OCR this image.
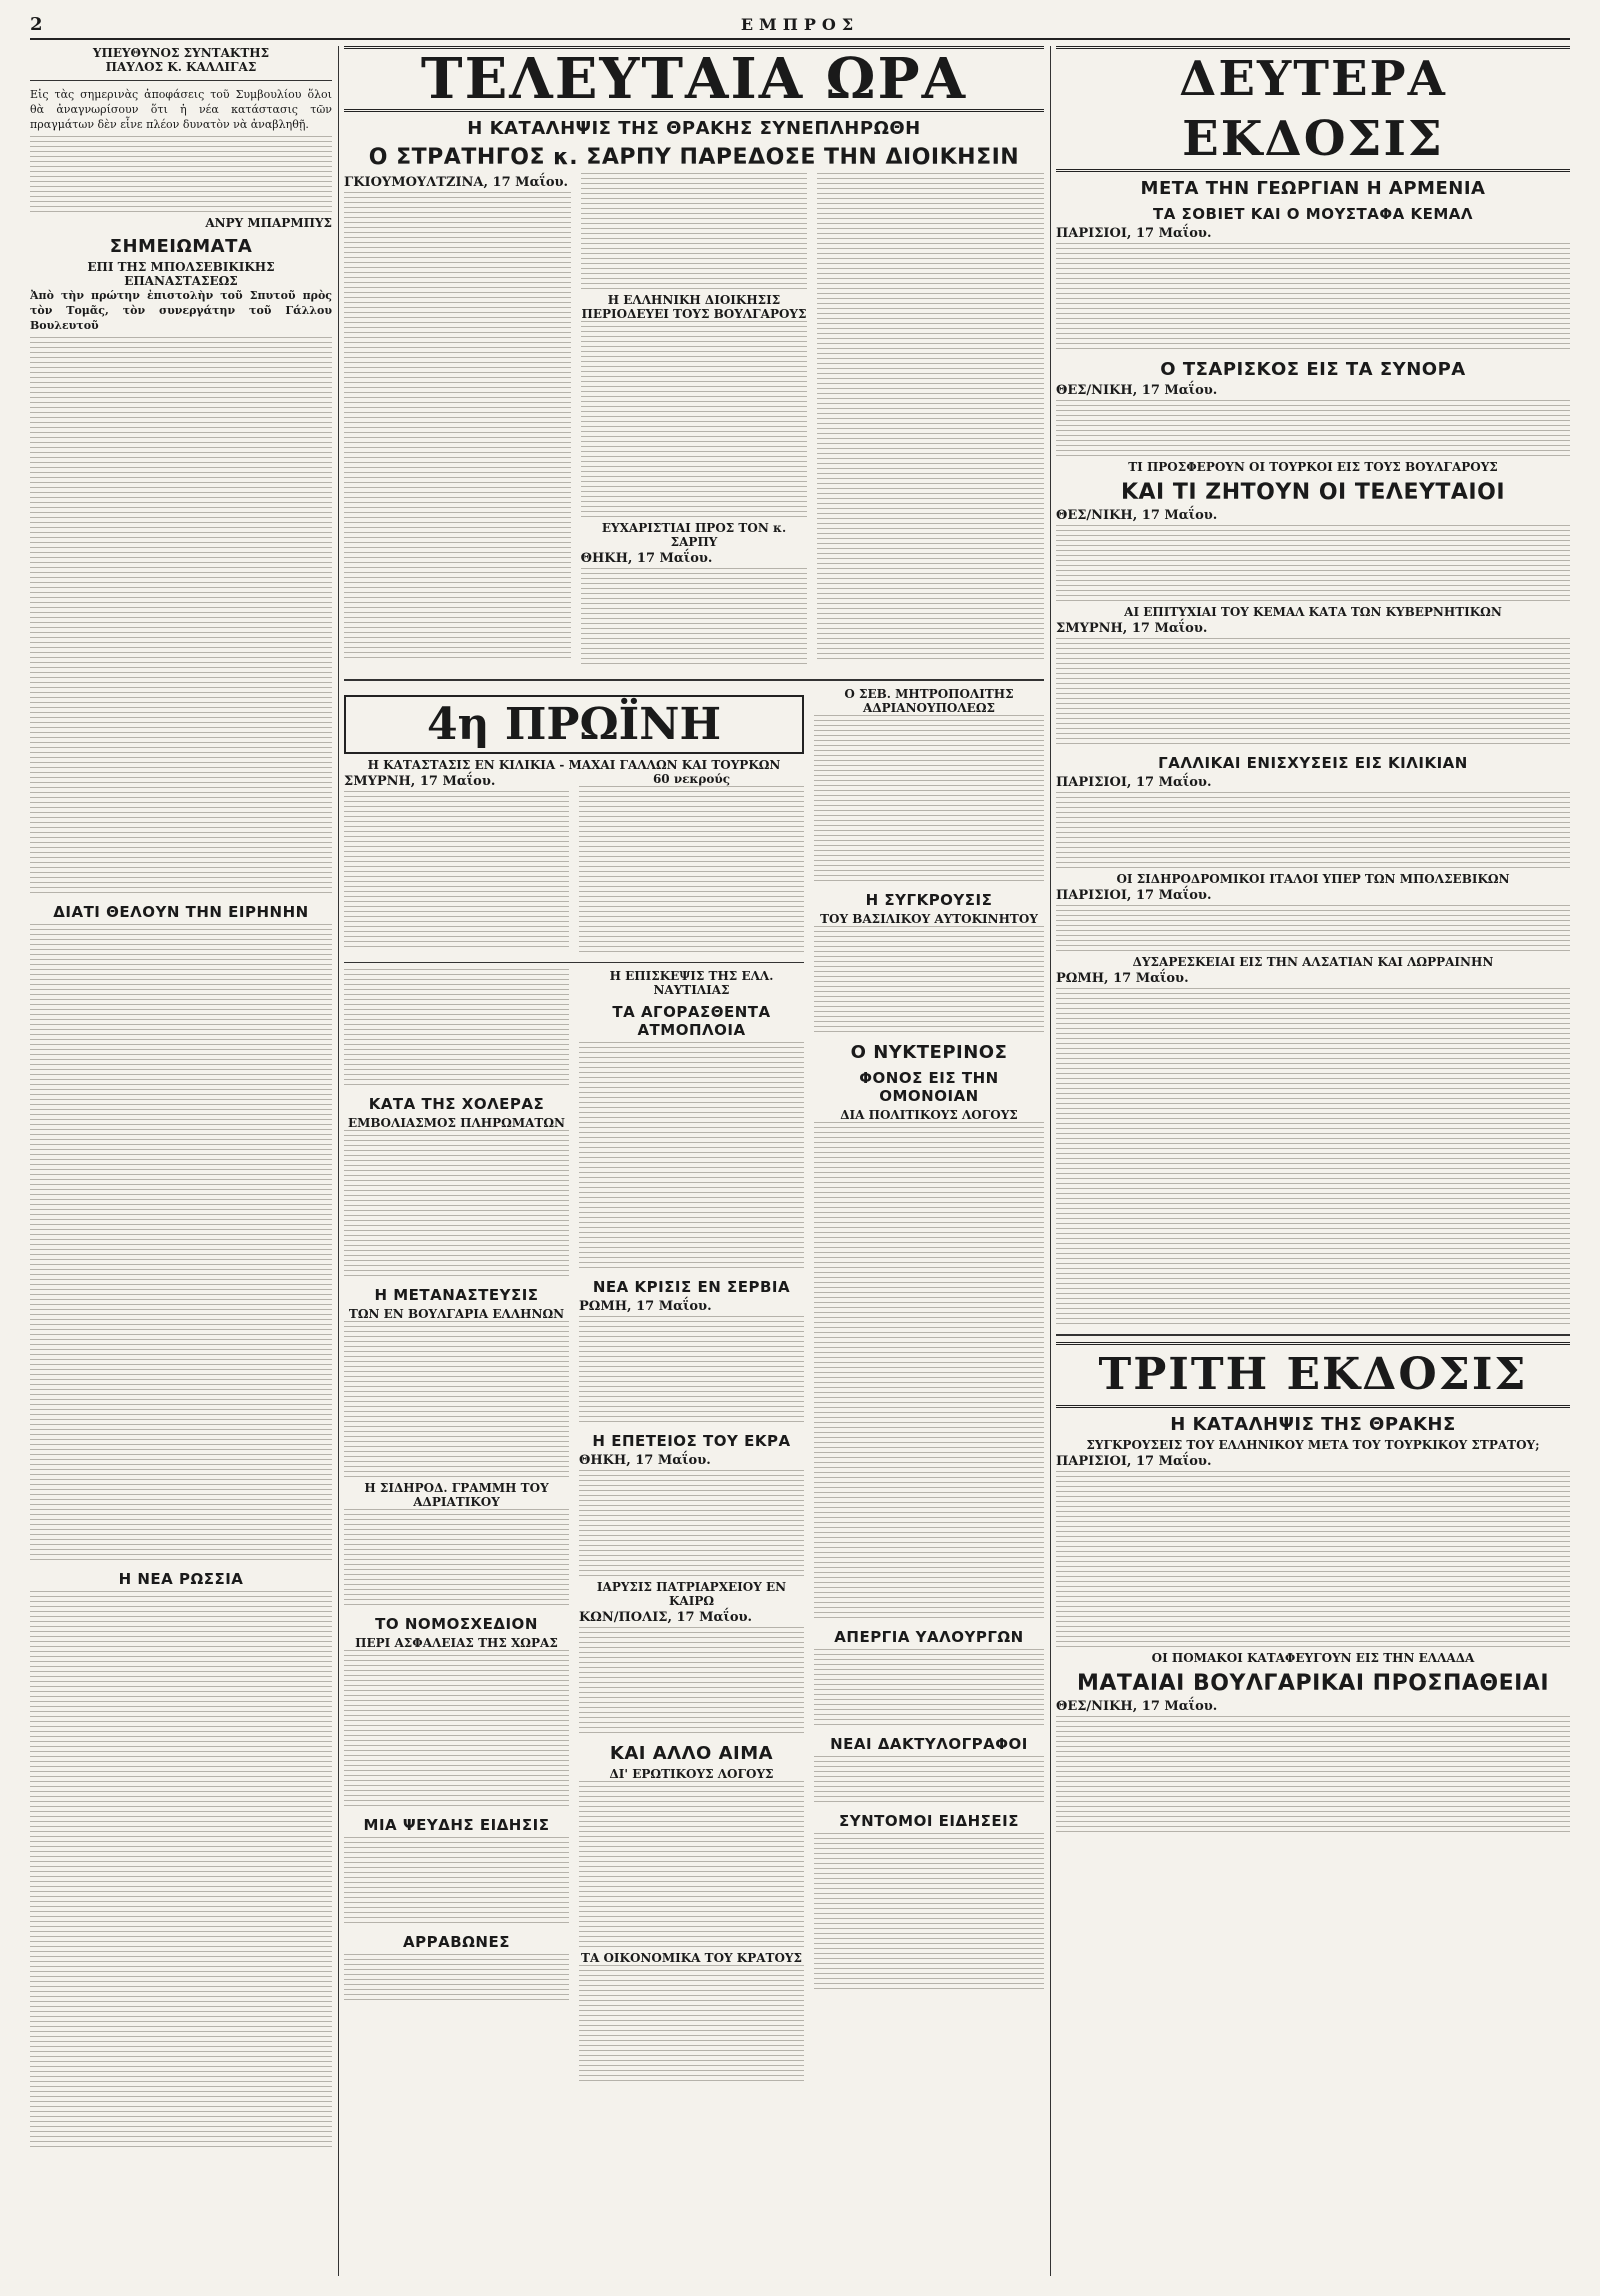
2	ΕΜΠΡΟΣ
ΥΠΕΥΘΥΝΟΣ ΣΥΝΤΑΚΤΗΣ
ΠΑΥΛΟΣ Κ. ΚΑΛΛΙΓΑΣ
Εἰς τὰς σημερινὰς ἀποφάσεις τοῦ Συμβουλίου ὅλοι θὰ ἀναγνωρίσουν ὅτι ἡ νέα κατάστασις τῶν πραγμάτων δὲν εἶνε πλέον δυνατὸν νὰ ἀναβληθῇ.
ΑΝΡΥ ΜΠΑΡΜΠΥΣ
ΣΗΜΕΙΩΜΑΤΑ
ΕΠΙ ΤΗΣ ΜΠΟΛΣΕΒΙΚΙΚΗΣ ΕΠΑΝΑΣΤΑΣΕΩΣ
Ἀπὸ τὴν πρώτην ἐπιστολὴν τοῦ Σπυτοῦ πρὸς τὸν Τομᾶς, τὸν συνεργάτην τοῦ Γάλλου Βουλευτοῦ
ΔΙΑΤΙ ΘΕΛΟΥΝ ΤΗΝ ΕΙΡΗΝΗΝ
Η ΝΕΑ ΡΩΣΣΙΑ
ΤΕΛΕΥΤΑΙΑ ΩΡΑ
Η ΚΑΤΑΛΗΨΙΣ ΤΗΣ ΘΡΑΚΗΣ ΣΥΝΕΠΛΗΡΩΘΗ
Ο ΣΤΡΑΤΗΓΟΣ κ. ΣΑΡΠΥ ΠΑΡΕΔΟΣΕ ΤΗΝ ΔΙΟΙΚΗΣΙΝ
ΓΚΙΟΥΜΟΥΛΤΖΙΝΑ, 17 Μαΐου.
Η ΕΛΛΗΝΙΚΗ ΔΙΟΙΚΗΣΙΣ ΠΕΡΙΟΔΕΥΕΙ ΤΟΥΣ ΒΟΥΛΓΑΡΟΥΣ
ΕΥΧΑΡΙΣΤΙΑΙ ΠΡΟΣ ΤΟΝ κ. ΣΑΡΠΥ
ΘΗΚΗ, 17 Μαΐου.
4η ΠΡΩΪΝΗ
Η ΚΑΤΑΣΤΑΣΙΣ ΕΝ ΚΙΛΙΚΙΑ - ΜΑΧΑΙ ΓΑΛΛΩΝ ΚΑΙ ΤΟΥΡΚΩΝ
ΣΜΥΡΝΗ, 17 Μαΐου.	60 νεκρούς
ΚΑΤΑ ΤΗΣ ΧΟΛΕΡΑΣ
ΕΜΒΟΛΙΑΣΜΟΣ ΠΛΗΡΩΜΑΤΩΝ
Η ΜΕΤΑΝΑΣΤΕΥΣΙΣ
ΤΩΝ ΕΝ ΒΟΥΛΓΑΡΙΑ ΕΛΛΗΝΩΝ
Η ΣΙΔΗΡΟΔ. ΓΡΑΜΜΗ ΤΟΥ ΑΔΡΙΑΤΙΚΟΥ
ΤΟ ΝΟΜΟΣΧΕΔΙΟΝ
ΠΕΡΙ ΑΣΦΑΛΕΙΑΣ ΤΗΣ ΧΩΡΑΣ
ΜΙΑ ΨΕΥΔΗΣ ΕΙΔΗΣΙΣ
ΑΡΡΑΒΩΝΕΣ
Η ΕΠΙΣΚΕΨΙΣ ΤΗΣ ΕΛΛ. ΝΑΥΤΙΛΙΑΣ
ΤΑ ΑΓΟΡΑΣΘΕΝΤΑ ΑΤΜΟΠΛΟΙΑ
ΝΕΑ ΚΡΙΣΙΣ ΕΝ ΣΕΡΒΙΑ
ΡΩΜΗ, 17 Μαΐου.
Η ΕΠΕΤΕΙΟΣ ΤΟΥ ΕΚΡΑ
ΘΗΚΗ, 17 Μαΐου.
ΙΑΡΥΣΙΣ ΠΑΤΡΙΑΡΧΕΙΟΥ ΕΝ ΚΑΙΡΩ
ΚΩΝ/ΠΟΛΙΣ, 17 Μαΐου.
ΚΑΙ ΑΛΛΟ ΑΙΜΑ
ΔΙ' ΕΡΩΤΙΚΟΥΣ ΛΟΓΟΥΣ
ΤΑ ΟΙΚΟΝΟΜΙΚΑ ΤΟΥ ΚΡΑΤΟΥΣ
Ο ΣΕΒ. ΜΗΤΡΟΠΟΛΙΤΗΣ ΑΔΡΙΑΝΟΥΠΟΛΕΩΣ
Η ΣΥΓΚΡΟΥΣΙΣ
ΤΟΥ ΒΑΣΙΛΙΚΟΥ ΑΥΤΟΚΙΝΗΤΟΥ
Ο ΝΥΚΤΕΡΙΝΟΣ
ΦΟΝΟΣ ΕΙΣ ΤΗΝ ΟΜΟΝΟΙΑΝ
ΔΙΑ ΠΟΛΙΤΙΚΟΥΣ ΛΟΓΟΥΣ
ΑΠΕΡΓΙΑ ΥΑΛΟΥΡΓΩΝ
ΝΕΑΙ ΔΑΚΤΥΛΟΓΡΑΦΟΙ
ΣΥΝΤΟΜΟΙ ΕΙΔΗΣΕΙΣ
ΔΕΥΤΕΡΑ ΕΚΔΟΣΙΣ
ΜΕΤΑ ΤΗΝ ΓΕΩΡΓΙΑΝ Η ΑΡΜΕΝΙΑ
ΤΑ ΣΟΒΙΕΤ ΚΑΙ Ο ΜΟΥΣΤΑΦΑ ΚΕΜΑΛ
ΠΑΡΙΣΙΟΙ, 17 Μαΐου.
Ο ΤΣΑΡΙΣΚΟΣ ΕΙΣ ΤΑ ΣΥΝΟΡΑ
ΘΕΣ/ΝΙΚΗ, 17 Μαΐου.
ΤΙ ΠΡΟΣΦΕΡΟΥΝ ΟΙ ΤΟΥΡΚΟΙ ΕΙΣ ΤΟΥΣ ΒΟΥΛΓΑΡΟΥΣ
ΚΑΙ ΤΙ ΖΗΤΟΥΝ ΟΙ ΤΕΛΕΥΤΑΙΟΙ
ΘΕΣ/ΝΙΚΗ, 17 Μαΐου.
ΑΙ ΕΠΙΤΥΧΙΑΙ ΤΟΥ ΚΕΜΑΛ ΚΑΤΑ ΤΩΝ ΚΥΒΕΡΝΗΤΙΚΩΝ
ΣΜΥΡΝΗ, 17 Μαΐου.
ΓΑΛΛΙΚΑΙ ΕΝΙΣΧΥΣΕΙΣ ΕΙΣ ΚΙΛΙΚΙΑΝ
ΠΑΡΙΣΙΟΙ, 17 Μαΐου.
ΟΙ ΣΙΔΗΡΟΔΡΟΜΙΚΟΙ ΙΤΑΛΟΙ ΥΠΕΡ ΤΩΝ ΜΠΟΛΣΕΒΙΚΩΝ
ΠΑΡΙΣΙΟΙ, 17 Μαΐου.
ΔΥΣΑΡΕΣΚΕΙΑΙ ΕΙΣ ΤΗΝ ΑΛΣΑΤΙΑΝ ΚΑΙ ΛΩΡΡΑΙΝΗΝ
ΡΩΜΗ, 17 Μαΐου.
ΤΡΙΤΗ ΕΚΔΟΣΙΣ
Η ΚΑΤΑΛΗΨΙΣ ΤΗΣ ΘΡΑΚΗΣ
ΣΥΓΚΡΟΥΣΕΙΣ ΤΟΥ ΕΛΛΗΝΙΚΟΥ ΜΕΤΑ ΤΟΥ ΤΟΥΡΚΙΚΟΥ ΣΤΡΑΤΟΥ;
ΠΑΡΙΣΙΟΙ, 17 Μαΐου.
ΟΙ ΠΟΜΑΚΟΙ ΚΑΤΑΦΕΥΓΟΥΝ ΕΙΣ ΤΗΝ ΕΛΛΑΔΑ
ΜΑΤΑΙΑΙ ΒΟΥΛΓΑΡΙΚΑΙ ΠΡΟΣΠΑΘΕΙΑΙ
ΘΕΣ/ΝΙΚΗ, 17 Μαΐου.
